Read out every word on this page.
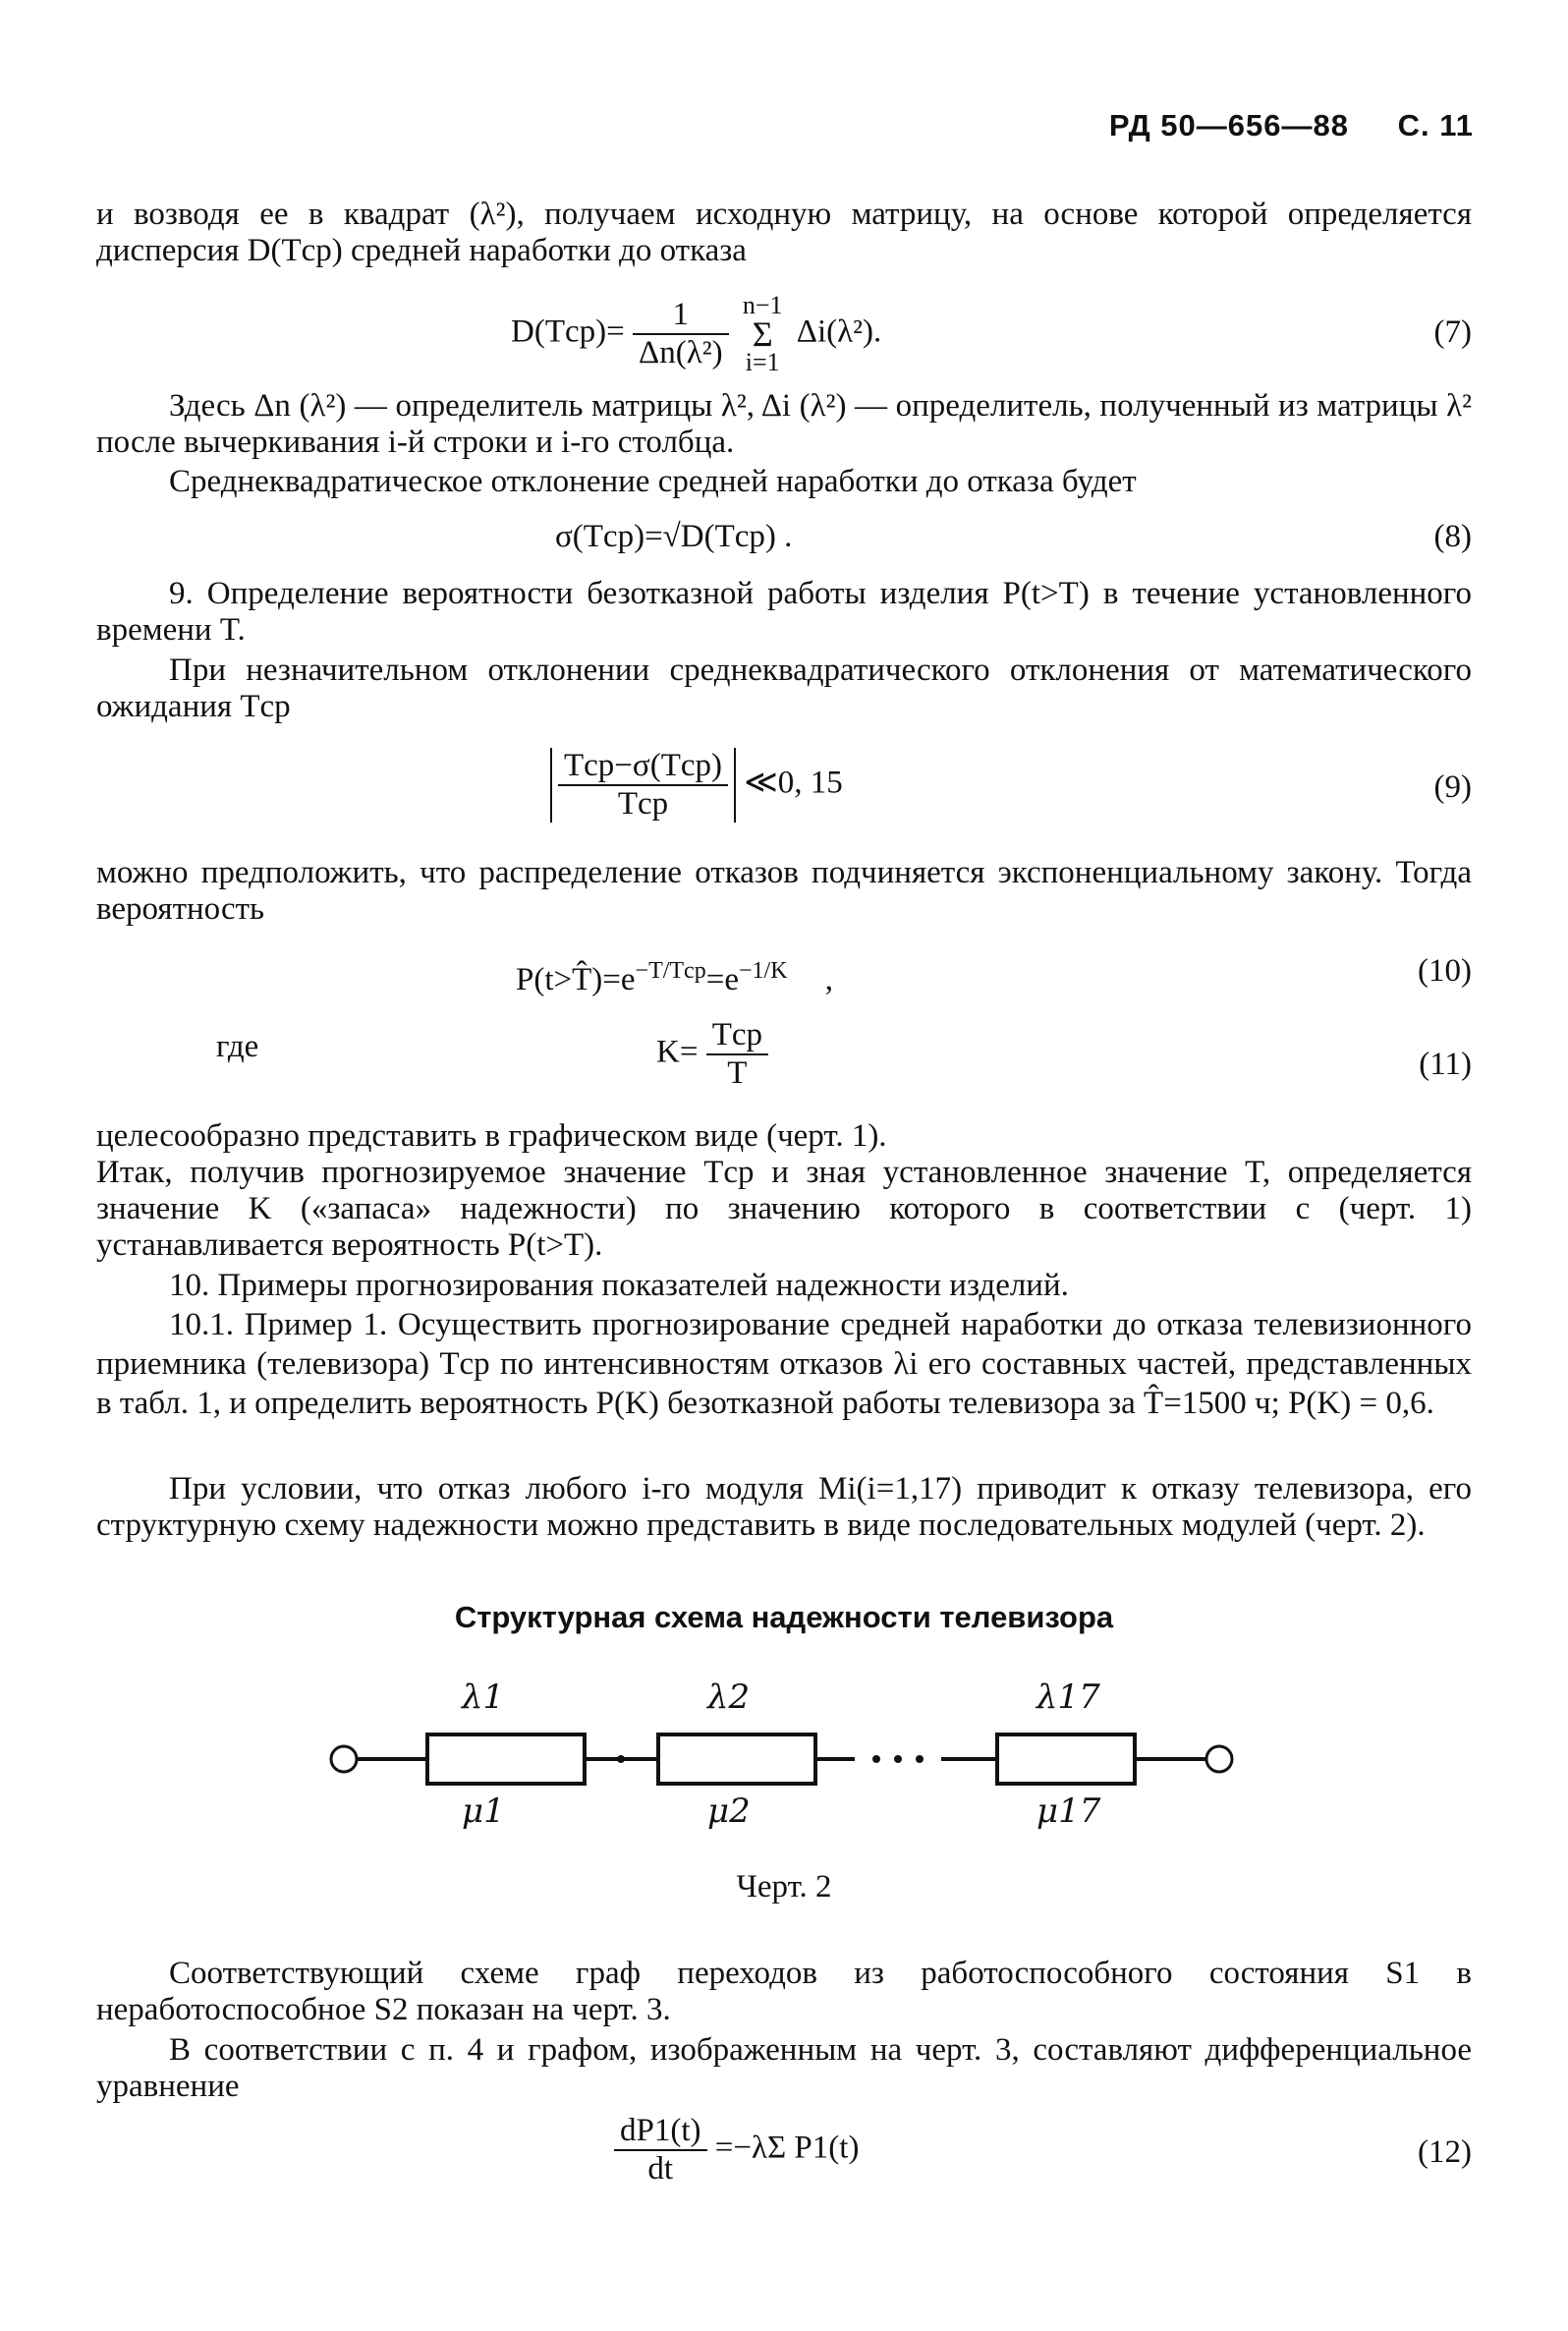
РД 50—656—88 С. 11
и возводя ее в квадрат (λ²), получаем исходную матрицу, на основе которой определяется дисперсия D(Tср) средней наработки до отказа
$D(Tср)= \frac{1}{\text{Δn(λ²)}}$
n−1
Σ
i=1
Δi(λ²).	(7)
Здесь Δn (λ²) — определитель матрицы λ², Δi (λ²) — определитель, полученный из матрицы λ² после вычеркивания i-й строки и i-го столбца.
Среднеквадратическое отклонение средней наработки до отказа будет
σ(Tср)=√D(Tср) .	(8)
9. Определение вероятности безотказной работы изделия P(t>T) в течение установленного времени T.
При незначительном отклонении среднеквадратического отклонения от математического ожидания Tср
$\frac{\text{Tср−σ(Tср)}}{\text{Tср}}$ ≪0, 15	(9)
можно предположить, что распределение отказов подчиняется экспоненциальному закону. Тогда вероятность
$P(t>T̂)=e^{-T/Tср}=e^{-1/K}$ ,	(10)
где	$K= \frac{\text{Tср}}{T}$	(11)
целесообразно представить в графическом виде (черт. 1).
Итак, получив прогнозируемое значение Tср и зная установленное значение T, определяется значение K («запаса» надежности) по значению которого в соответствии с (черт. 1) устанавливается вероятность P(t>T).
10. Примеры прогнозирования показателей надежности изделий.
10.1. Пример 1. Осуществить прогнозирование средней наработки до отказа телевизионного приемника (телевизора) Tср по интенсивностям отказов λi его составных частей, представленных в табл. 1, и определить вероятность P(K) безотказной работы телевизора за T̂=1500 ч; P(K) = 0,6.
При условии, что отказ любого i-го модуля Mi(i=1,17) приводит к отказу телевизора, его структурную схему надежности можно представить в виде последовательных модулей (черт. 2).
Структурная схема надежности телевизора
λ1	λ2	λ17
μ1	μ2	μ17
Черт. 2
Соответствующий схеме граф переходов из работоспособного состояния S1 в неработоспособное S2 показан на черт. 3.
В соответствии с п. 4 и графом, изображенным на черт. 3, составляют дифференциальное уравнение
$\frac{dP1(t)}{dt} =-\lambda\Sigma$ P1(t)	(12)
